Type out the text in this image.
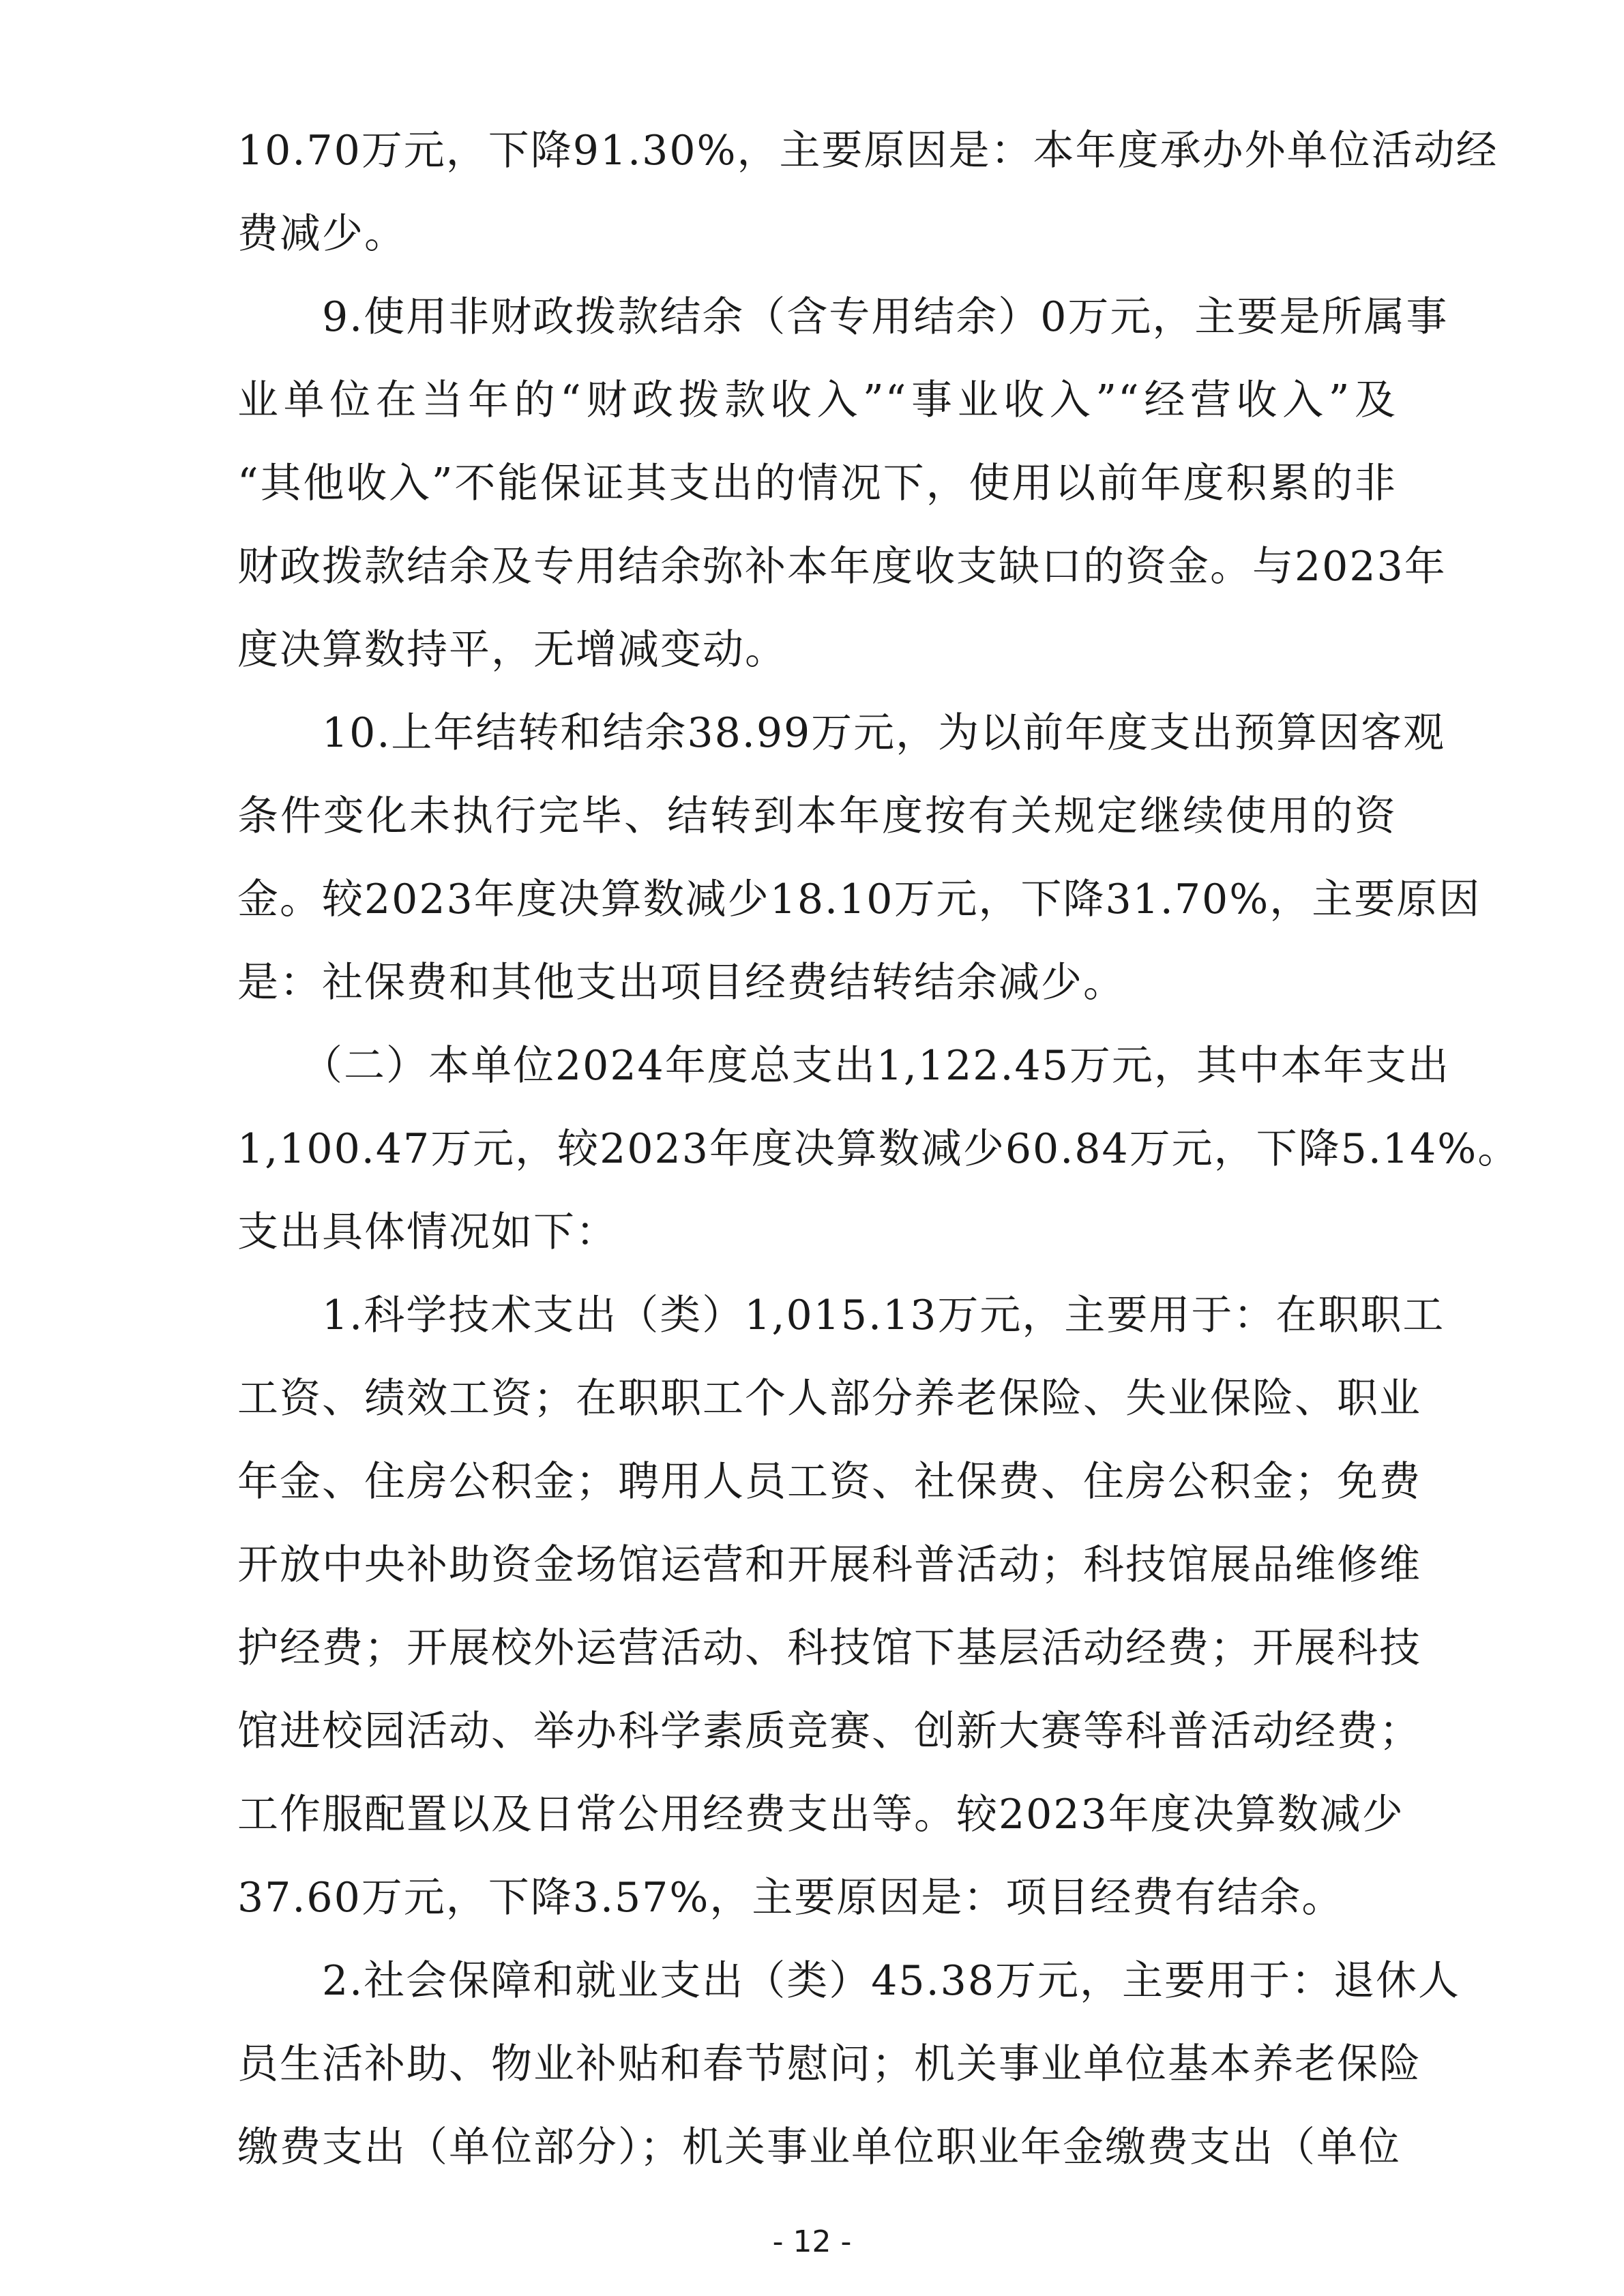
10.70万元，下降91.30%，主要原因是：本年度承办外单位活动经
费减少。
　　9.使用非财政拨款结余（含专用结余）0万元，主要是所属事
业单位在当年的“财政拨款收入”“事业收入”“经营收入”及
“其他收入”不能保证其支出的情况下，使用以前年度积累的非
财政拨款结余及专用结余弥补本年度收支缺口的资金。与2023年
度决算数持平，无增减变动。
　　10.上年结转和结余38.99万元，为以前年度支出预算因客观
条件变化未执行完毕、结转到本年度按有关规定继续使用的资
金。较2023年度决算数减少18.10万元，下降31.70%，主要原因
是：社保费和其他支出项目经费结转结余减少。
　　（二）本单位2024年度总支出1,122.45万元，其中本年支出
1,100.47万元，较2023年度决算数减少60.84万元，下降5.14%。
支出具体情况如下：
　　1.科学技术支出（类）1,015.13万元，主要用于：在职职工
工资、绩效工资；在职职工个人部分养老保险、失业保险、职业
年金、住房公积金；聘用人员工资、社保费、住房公积金；免费
开放中央补助资金场馆运营和开展科普活动；科技馆展品维修维
护经费；开展校外运营活动、科技馆下基层活动经费；开展科技
馆进校园活动、举办科学素质竞赛、创新大赛等科普活动经费；
工作服配置以及日常公用经费支出等。较2023年度决算数减少
37.60万元，下降3.57%，主要原因是：项目经费有结余。
　　2.社会保障和就业支出（类）45.38万元，主要用于：退休人
员生活补助、物业补贴和春节慰问；机关事业单位基本养老保险
缴费支出（单位部分）；机关事业单位职业年金缴费支出（单位
- 12 -
